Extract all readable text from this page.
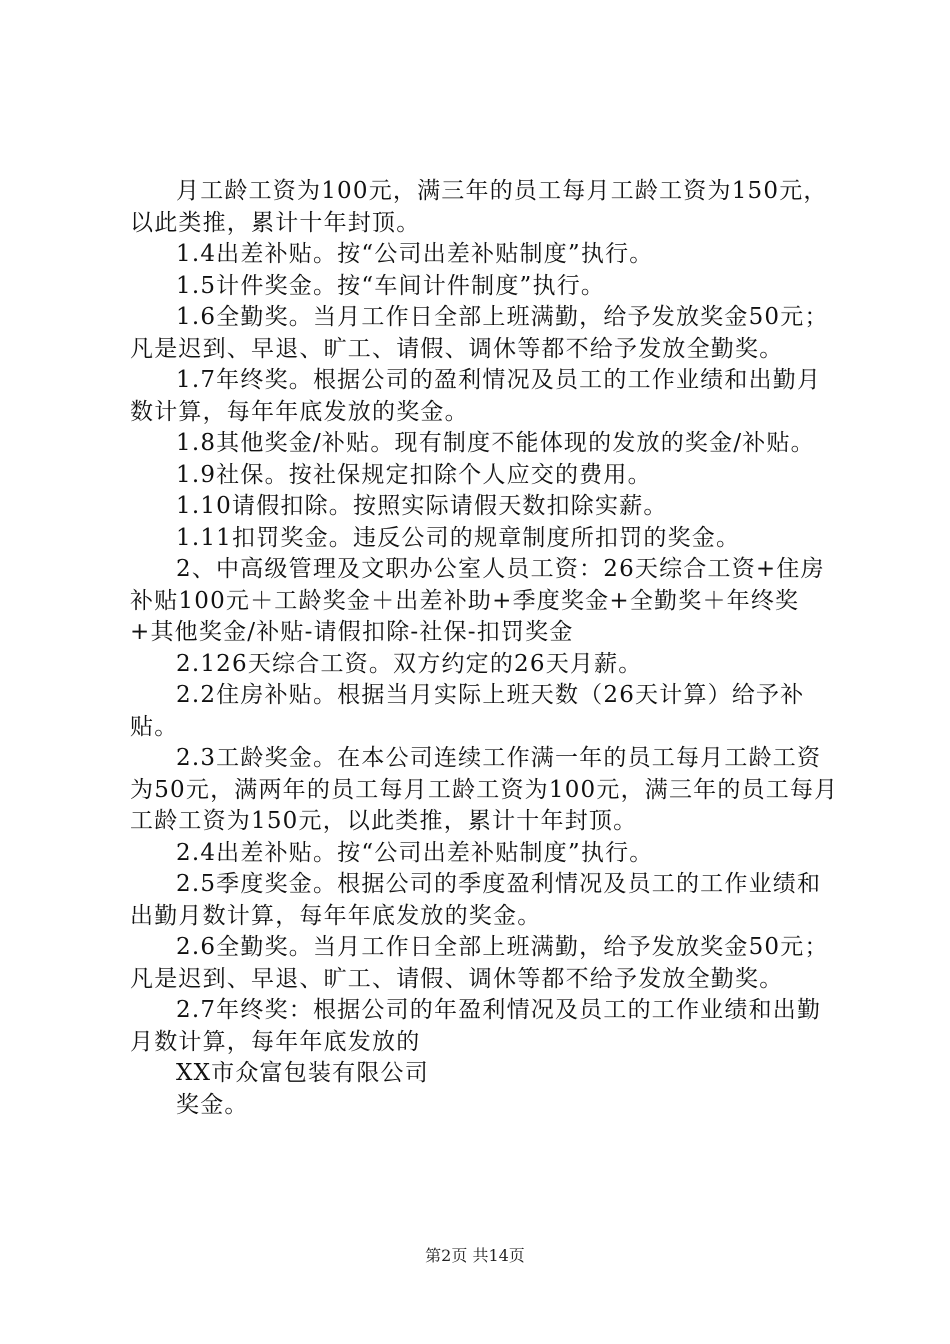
月工龄工资为100元，满三年的员工每月工龄工资为150元，以此类推，累计十年封顶。

1.4出差补贴。按“公司出差补贴制度”执行。

1.5计件奖金。按“车间计件制度”执行。

1.6全勤奖。当月工作日全部上班满勤，给予发放奖金50元；凡是迟到、早退、旷工、请假、调休等都不给予发放全勤奖。

1.7年终奖。根据公司的盈利情况及员工的工作业绩和出勤月数计算，每年年底发放的奖金。

1.8其他奖金/补贴。现有制度不能体现的发放的奖金/补贴。

1.9社保。按社保规定扣除个人应交的费用。

1.10请假扣除。按照实际请假天数扣除实薪。

1.11扣罚奖金。违反公司的规章制度所扣罚的奖金。

2、中高级管理及文职办公室人员工资：26天综合工资+住房补贴100元＋工龄奖金＋出差补助+季度奖金+全勤奖＋年终奖+其他奖金/补贴-请假扣除-社保-扣罚奖金

2.126天综合工资。双方约定的26天月薪。

2.2住房补贴。根据当月实际上班天数（26天计算）给予补贴。

2.3工龄奖金。在本公司连续工作满一年的员工每月工龄工资为50元，满两年的员工每月工龄工资为100元，满三年的员工每月工龄工资为150元，以此类推，累计十年封顶。

2.4出差补贴。按“公司出差补贴制度”执行。

2.5季度奖金。根据公司的季度盈利情况及员工的工作业绩和出勤月数计算，每年年底发放的奖金。

2.6全勤奖。当月工作日全部上班满勤，给予发放奖金50元；凡是迟到、早退、旷工、请假、调休等都不给予发放全勤奖。

2.7年终奖：根据公司的年盈利情况及员工的工作业绩和出勤月数计算，每年年底发放的

XX市众富包装有限公司

奖金。

第2页 共14页
